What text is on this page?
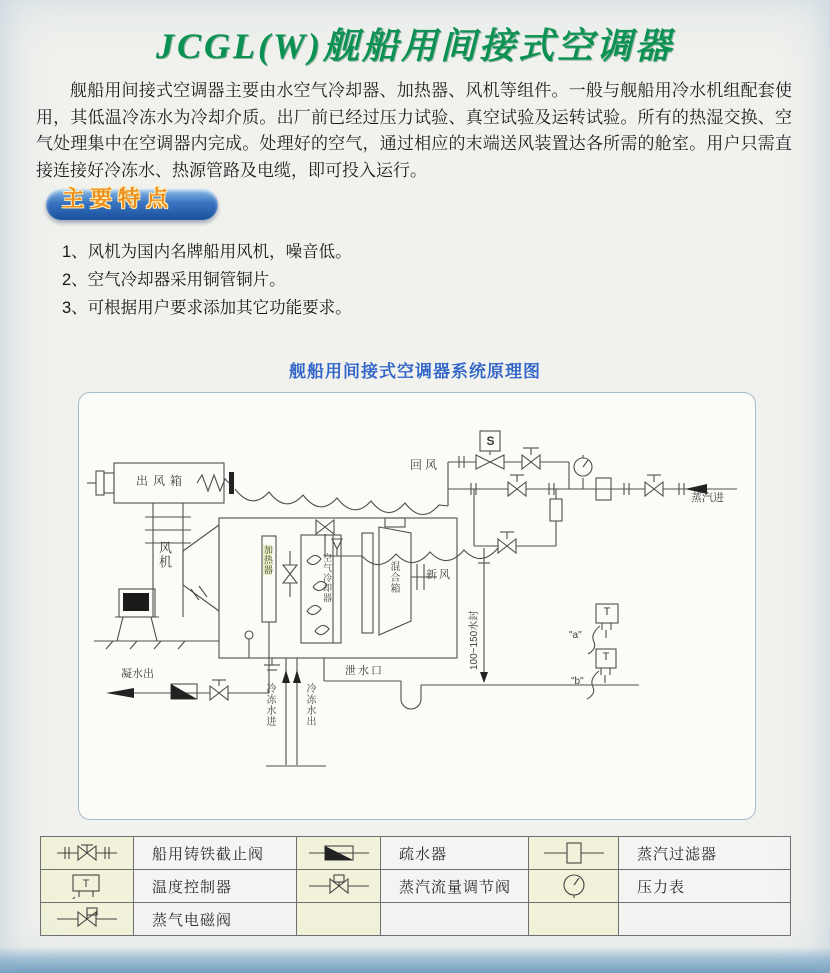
JCGL(W)舰船用间接式空调器
舰船用间接式空调器主要由水空气冷却器、加热器、风机等组件。一般与舰船用冷水机组配套使用，其低温冷冻水为冷却介质。出厂前已经过压力试验、真空试验及运转试验。所有的热湿交换、空气处理集中在空调器内完成。处理好的空气，通过相应的末端送风装置达各所需的舱室。用户只需直接连接好冷冻水、热源管路及电缆，即可投入运行。
主要特点
1、风机为国内名牌船用风机，噪音低。
2、空气冷却器采用铜管铜片。
3、可根据用户要求添加其它功能要求。
舰船用间接式空调器系统原理图
出风箱
风机
回风
加热器	空气冷却器	混合箱 新风
S
蒸汽进
100~150水封
泄水口
凝水出
冷冻水进	冷冻水出
T
T
"a"
"b"
船用铸铁截止阀	疏水器	蒸汽过滤器
T	温度控制器	蒸汽流量调节阀	压力表
蒸气电磁阀
